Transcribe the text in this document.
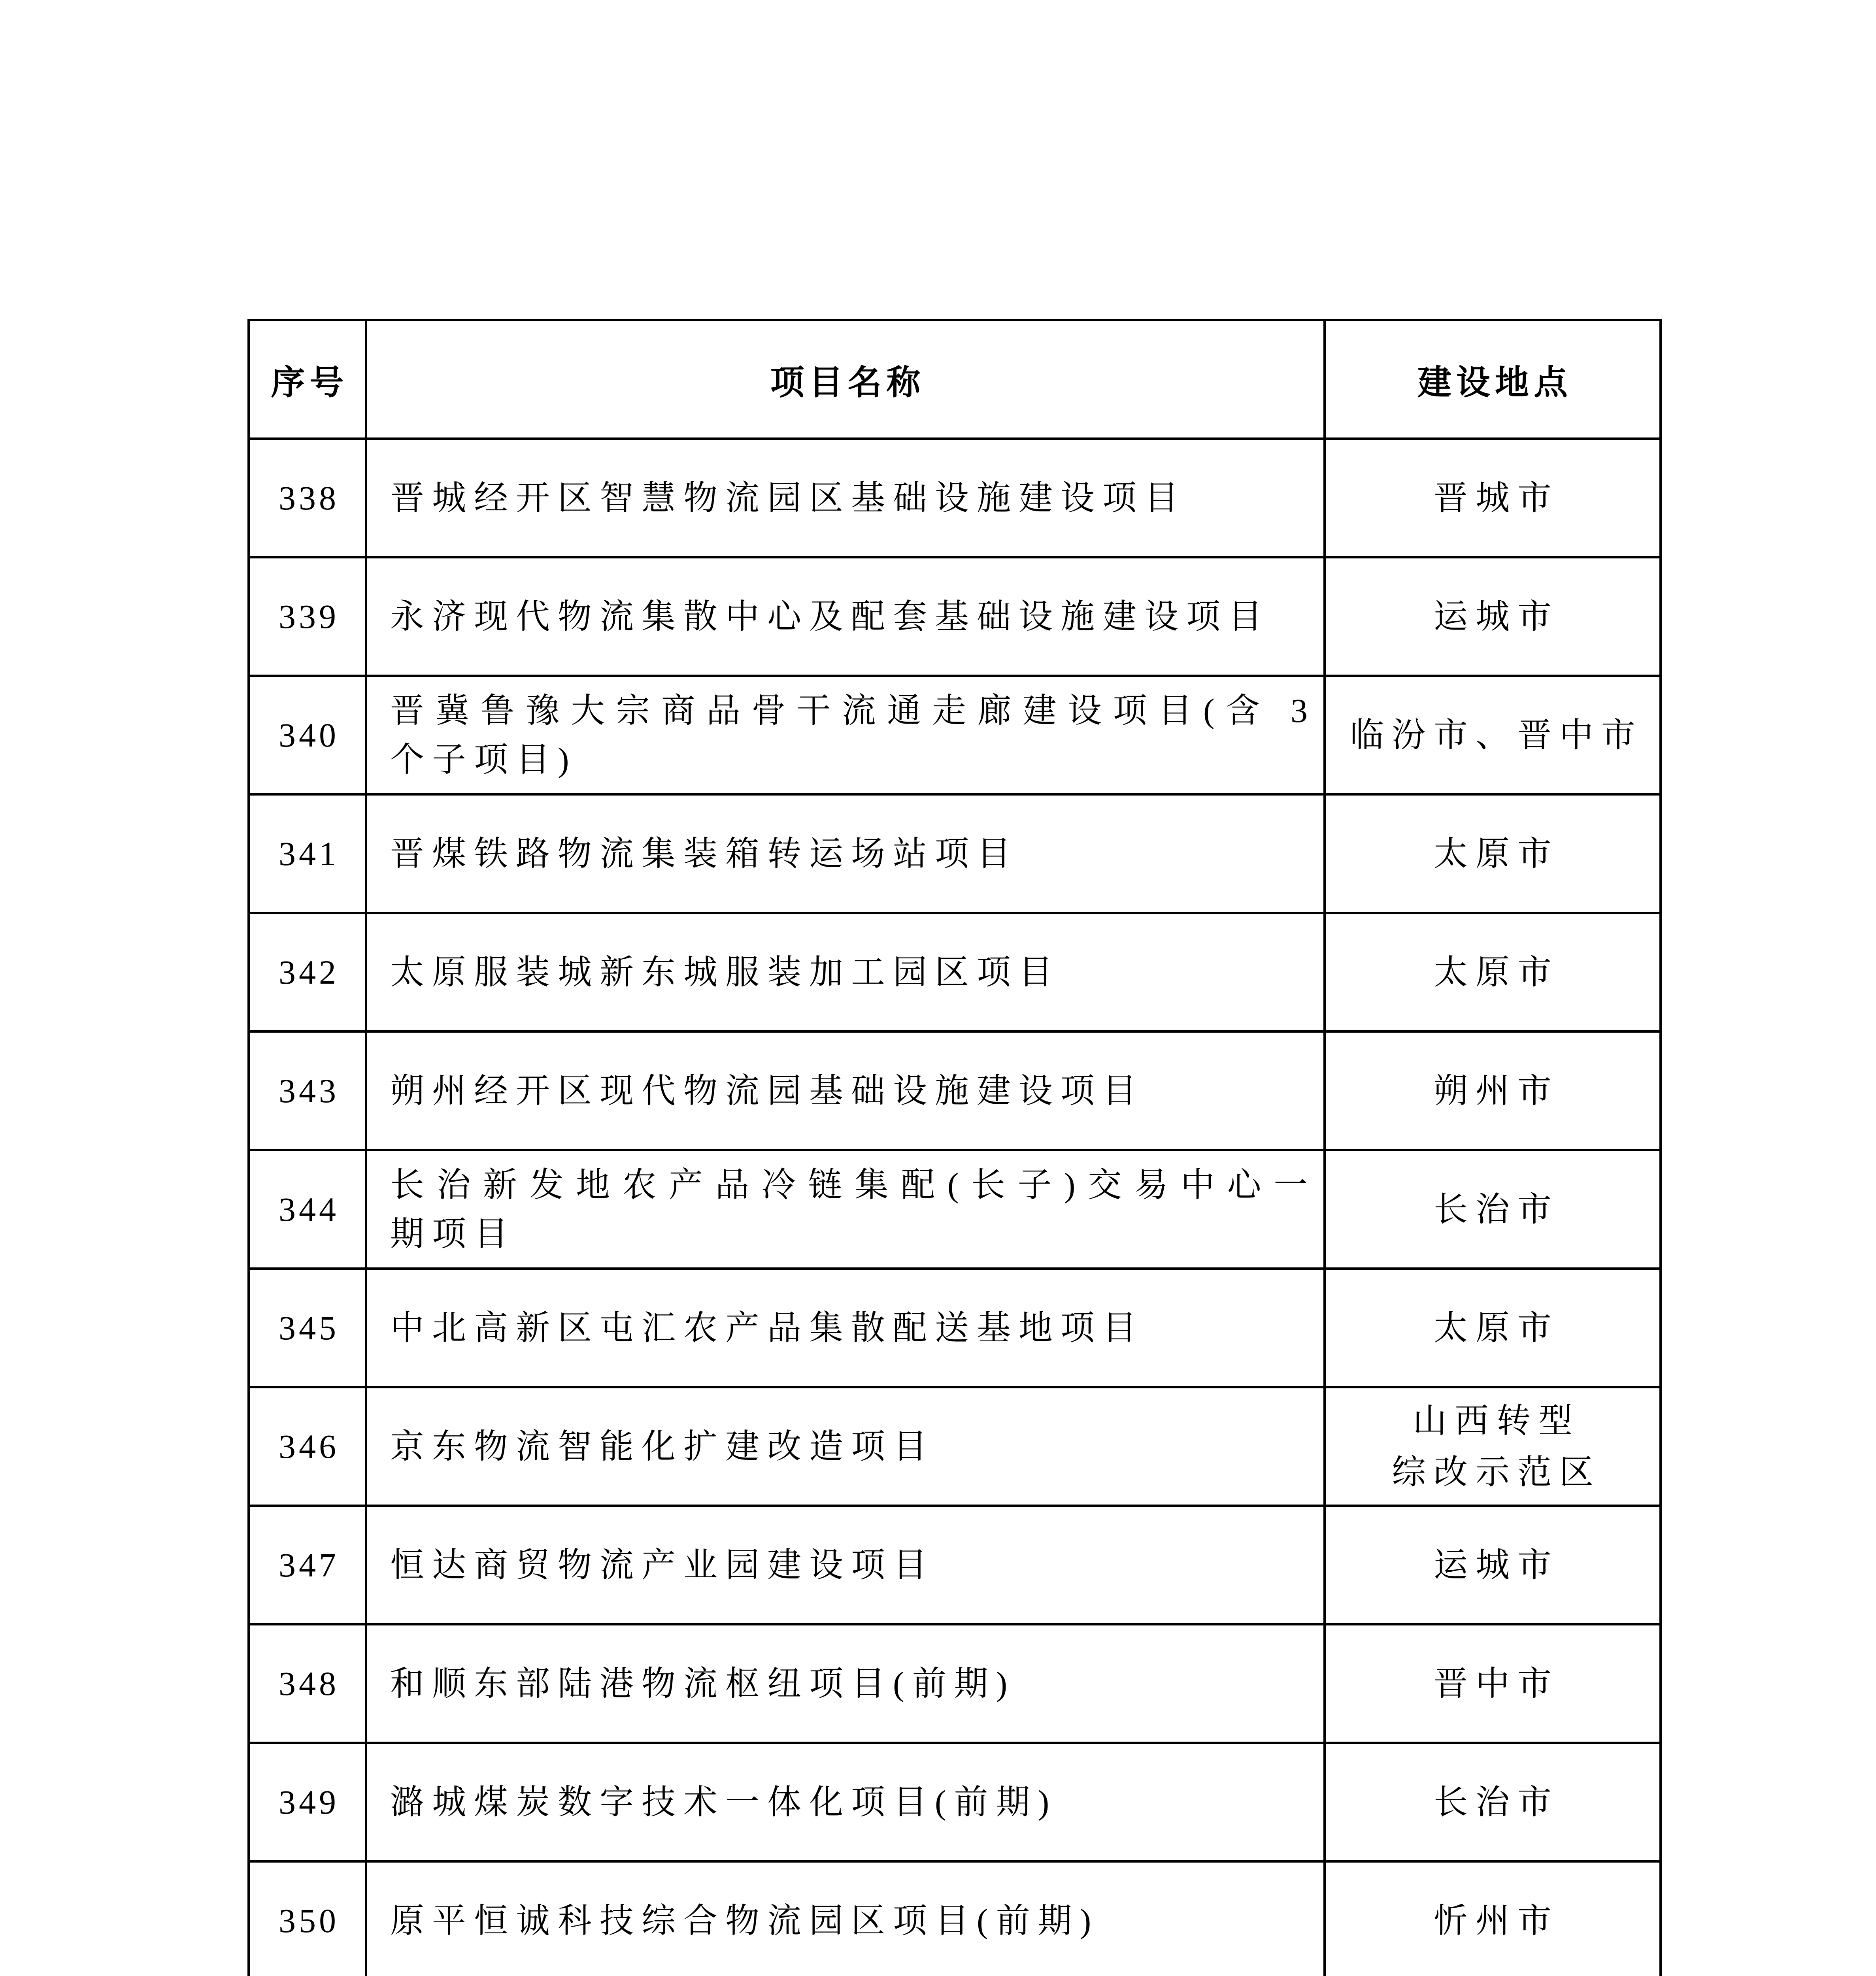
序号	项目名称	建设地点
338	晋城经开区智慧物流园区基础设施建设项目	晋城市

339	永济现代物流集散中心及配套基础设施建设项目	运城市

340	晋冀鲁豫大宗商品骨干流通走廊建设项目(含 3
个子项目)	临汾市、晋中市

341	晋煤铁路物流集装箱转运场站项目	太原市

342	太原服装城新东城服装加工园区项目	太原市

343	朔州经开区现代物流园基础设施建设项目	朔州市

344	长治新发地农产品冷链集配(长子)交易中心一
期项目	长治市

345	中北高新区屯汇农产品集散配送基地项目	太原市

346	京东物流智能化扩建改造项目	山西转型
综改示范区

347	恒达商贸物流产业园建设项目	运城市

348	和顺东部陆港物流枢纽项目(前期)	晋中市

349	潞城煤炭数字技术一体化项目(前期)	长治市

350	原平恒诚科技综合物流园区项目(前期)	忻州市
